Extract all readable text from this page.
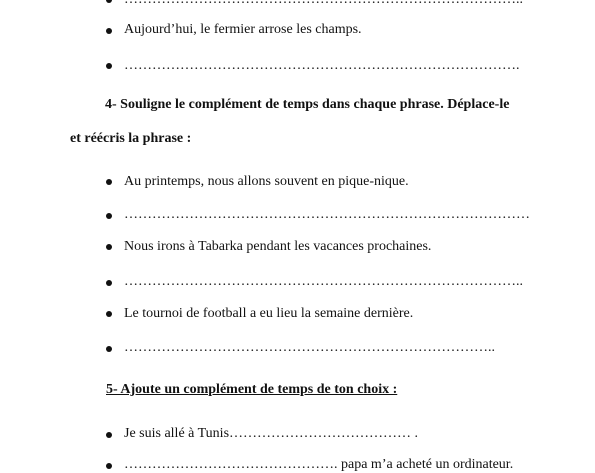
Aujourd’hui, le fermier arrose les champs.
………………………………………………………………………….
4- Souligne le complément de temps dans chaque phrase. Déplace-le
et réécris la phrase :
Au printemps, nous allons souvent en pique-nique.
……………………………………………………………………………
Nous irons à Tabarka pendant les vacances prochaines.
…………………………………………………………………………..
Le tournoi de football a eu lieu la semaine dernière.
……………………………………………………………………..
5- Ajoute un complément de temps de ton choix :
Je suis allé à Tunis………………………………… .
………………………………………. papa m’a acheté un ordinateur.
